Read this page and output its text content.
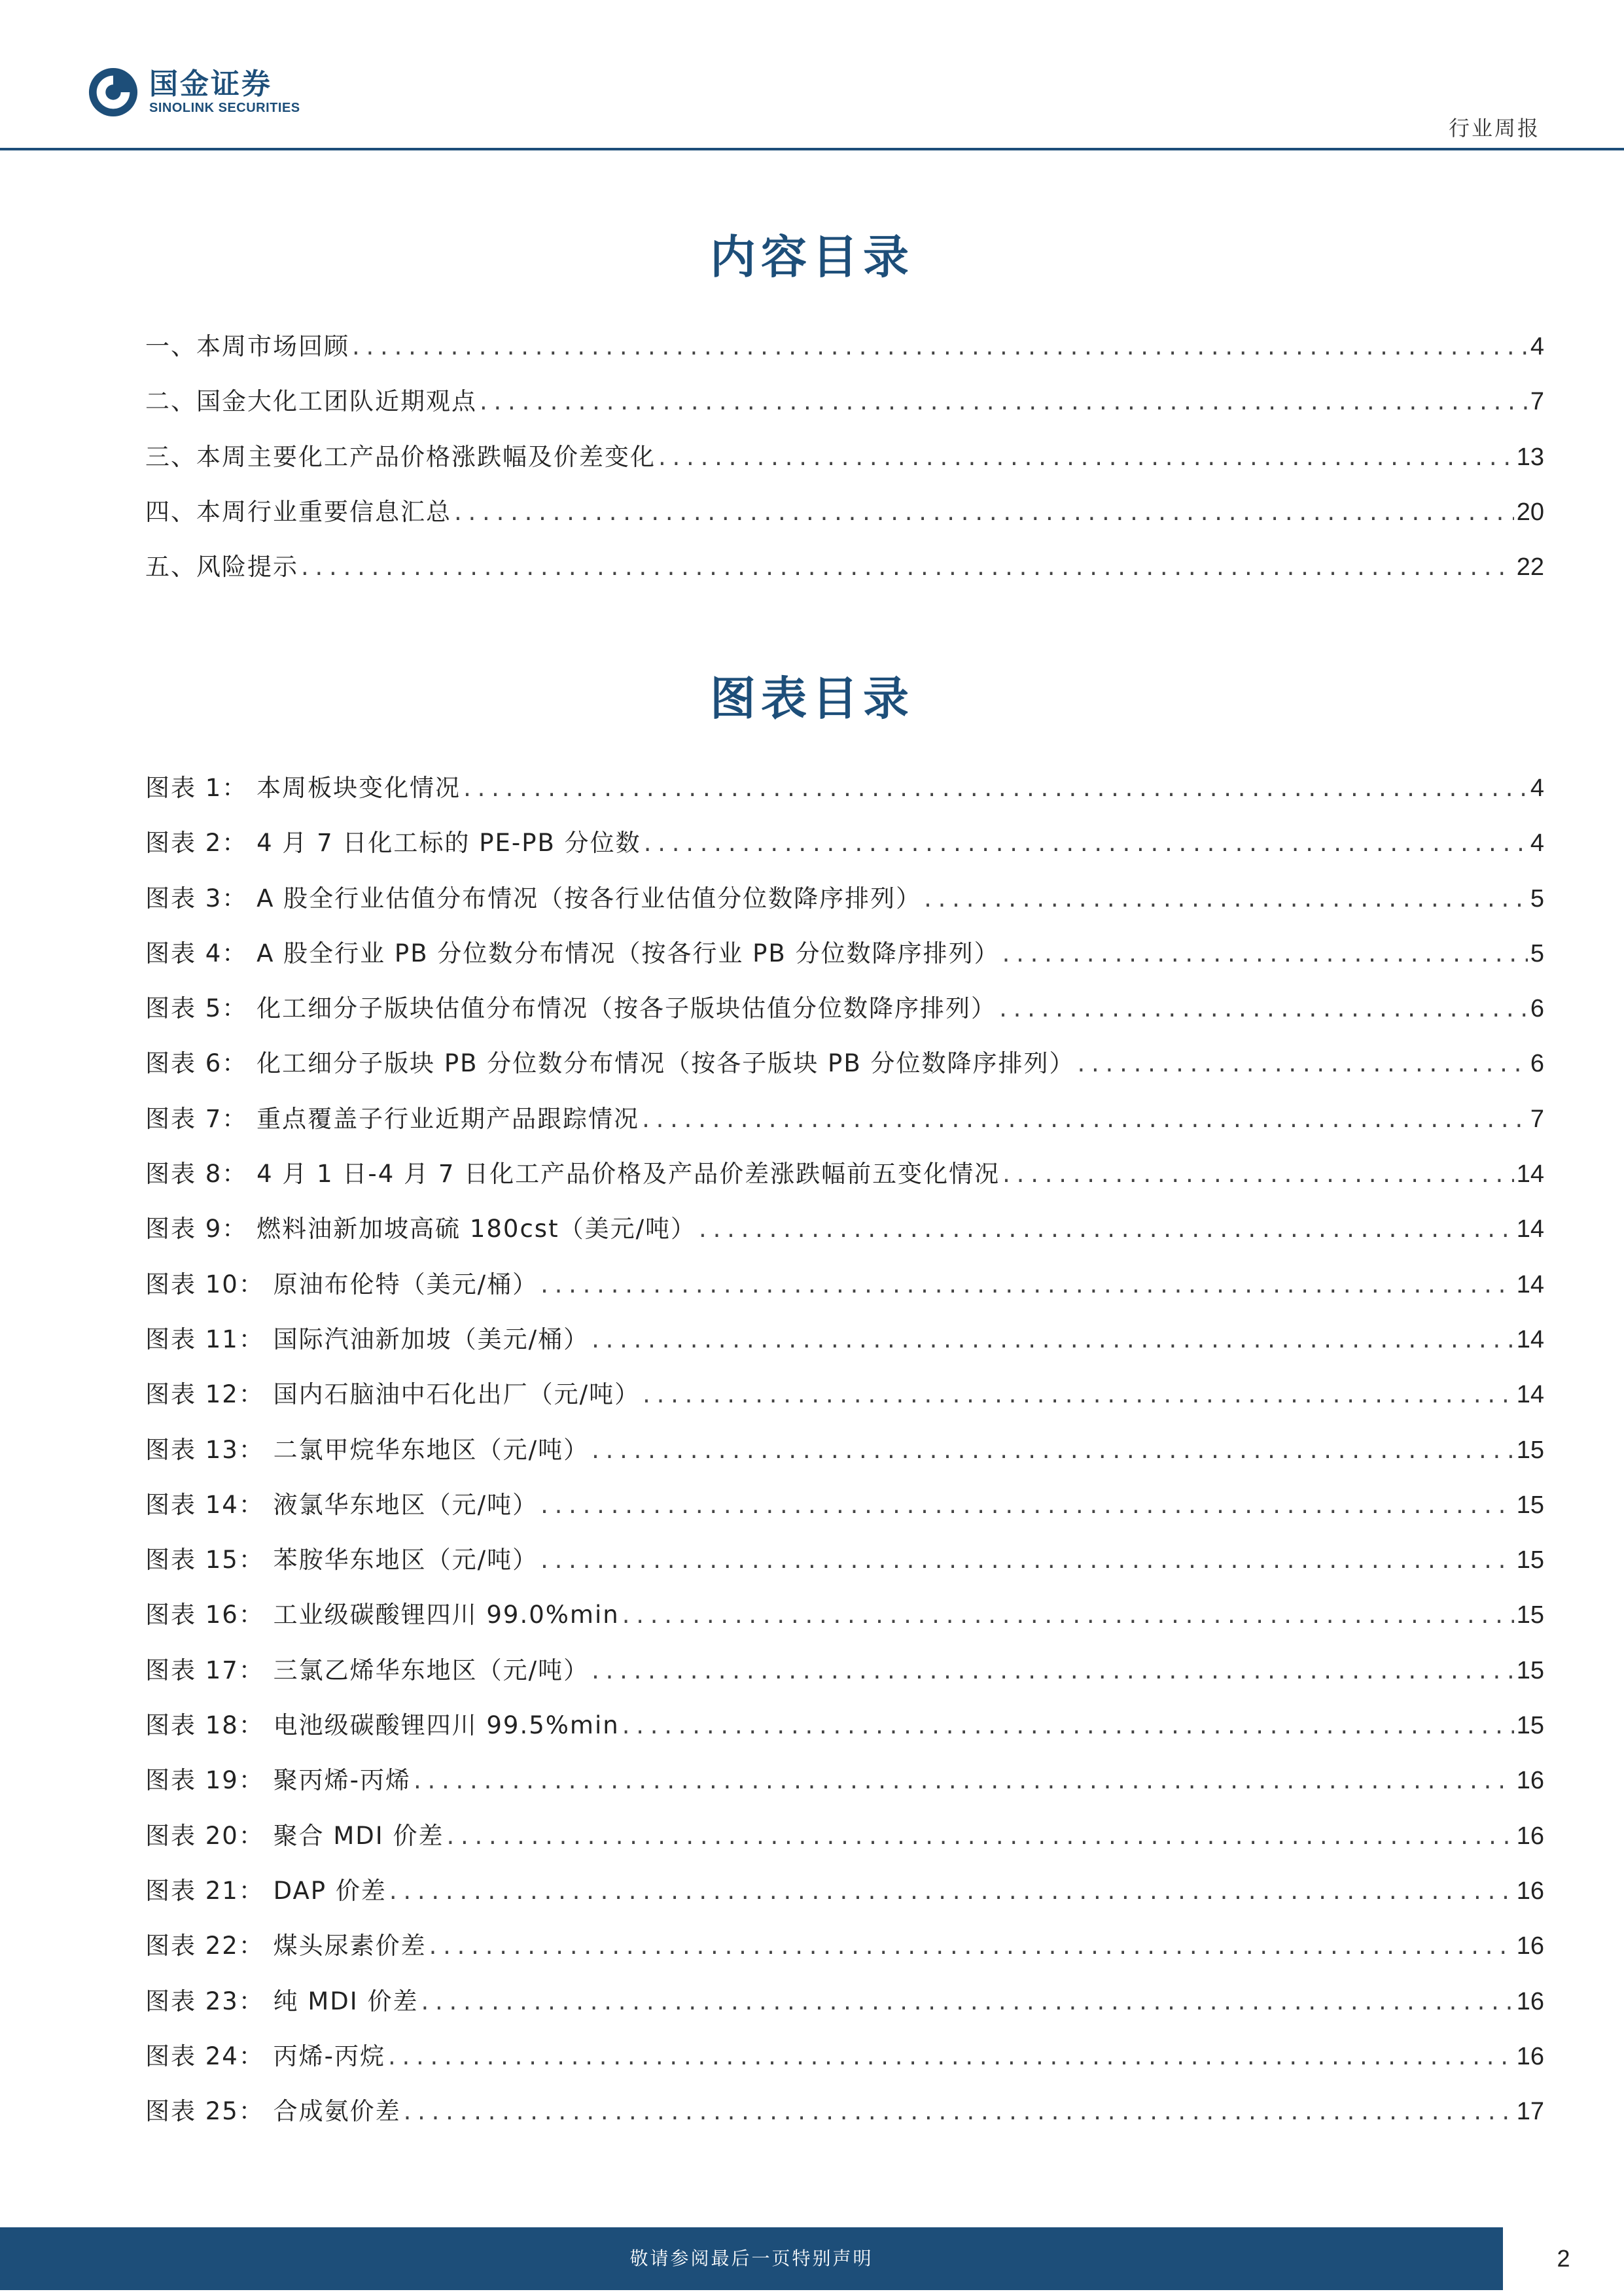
国金证券
SINOLINK SECURITIES
行业周报
内容目录
一、本周市场回顾 . . .	4
二、国金大化工团队近期观点 . . .	7
三、本周主要化工产品价格涨跌幅及价差变化 . . .	13
四、本周行业重要信息汇总 . . .	20
五、风险提示 . . .	22
图表目录
图表 1： 本周板块变化情况 . . .	4
图表 2： 4 月 7 日化工标的 PE-PB 分位数 . . .	4
图表 3： A 股全行业估值分布情况（按各行业估值分位数降序排列） . . .	5
图表 4： A 股全行业 PB 分位数分布情况（按各行业 PB 分位数降序排列） . . .	5
图表 5： 化工细分子版块估值分布情况（按各子版块估值分位数降序排列） . . .	6
图表 6： 化工细分子版块 PB 分位数分布情况（按各子版块 PB 分位数降序排列） . . .	6
图表 7： 重点覆盖子行业近期产品跟踪情况 . . .	7
图表 8： 4 月 1 日-4 月 7 日化工产品价格及产品价差涨跌幅前五变化情况 . . .	14
图表 9： 燃料油新加坡高硫 180cst（美元/吨） . . .	14
图表 10： 原油布伦特（美元/桶） . . .	14
图表 11： 国际汽油新加坡（美元/桶） . . .	14
图表 12： 国内石脑油中石化出厂（元/吨） . . .	14
图表 13： 二氯甲烷华东地区（元/吨） . . .	15
图表 14： 液氯华东地区（元/吨） . . .	15
图表 15： 苯胺华东地区（元/吨） . . .	15
图表 16： 工业级碳酸锂四川 99.0%min . . .	15
图表 17： 三氯乙烯华东地区（元/吨） . . .	15
图表 18： 电池级碳酸锂四川 99.5%min . . .	15
图表 19： 聚丙烯-丙烯 . . .	16
图表 20： 聚合 MDI 价差 . . .	16
图表 21： DAP 价差 . . .	16
图表 22： 煤头尿素价差 . . .	16
图表 23： 纯 MDI 价差 . . .	16
图表 24： 丙烯-丙烷 . . .	16
图表 25： 合成氨价差 . . .	17
敬请参阅最后一页特别声明	2
